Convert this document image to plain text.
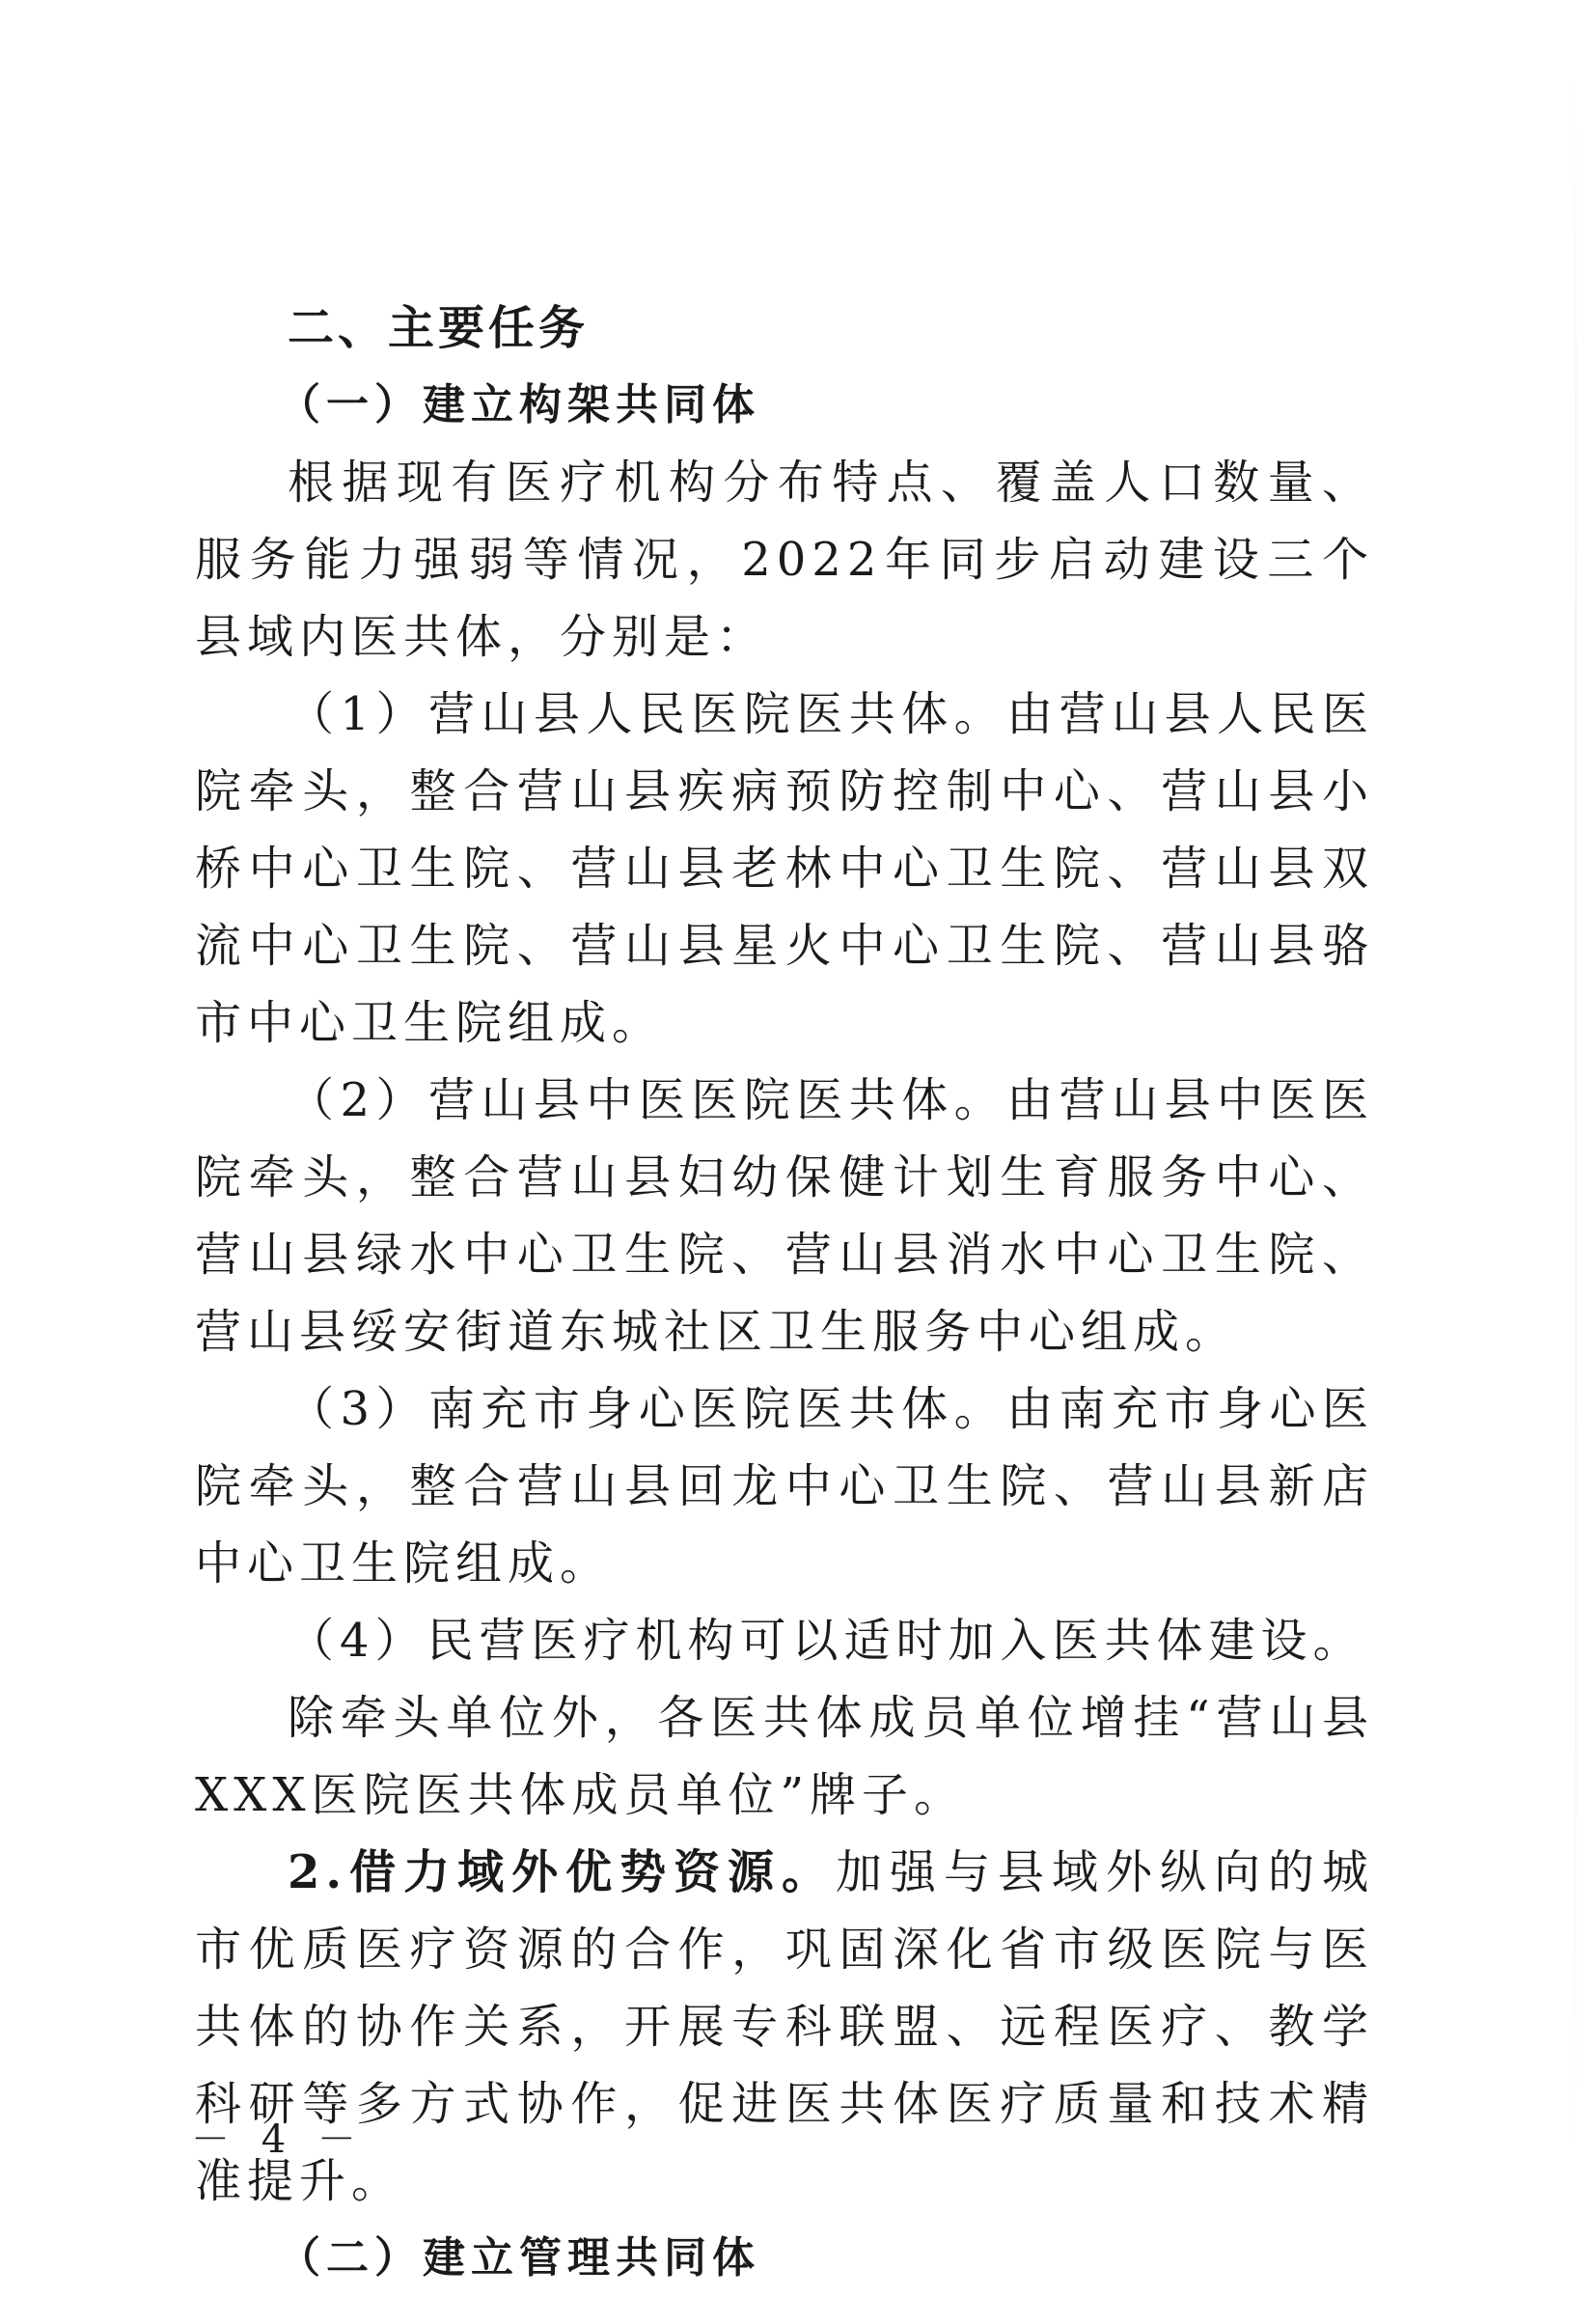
二、主要任务

（一）建立构架共同体

根据现有医疗机构分布特点、覆盖人口数量、服务能力强弱等情况，2022年同步启动建设三个县域内医共体，分别是：

（1）营山县人民医院医共体。由营山县人民医院牵头，整合营山县疾病预防控制中心、营山县小桥中心卫生院、营山县老林中心卫生院、营山县双流中心卫生院、营山县星火中心卫生院、营山县骆市中心卫生院组成。

（2）营山县中医医院医共体。由营山县中医医院牵头，整合营山县妇幼保健计划生育服务中心、营山县绿水中心卫生院、营山县消水中心卫生院、营山县绥安街道东城社区卫生服务中心组成。

（3）南充市身心医院医共体。由南充市身心医院牵头，整合营山县回龙中心卫生院、营山县新店中心卫生院组成。

（4）民营医疗机构可以适时加入医共体建设。

除牵头单位外，各医共体成员单位增挂“营山县XXX医院医共体成员单位”牌子。

2.借力域外优势资源。加强与县域外纵向的城市优质医疗资源的合作，巩固深化省市级医院与医共体的协作关系，开展专科联盟、远程医疗、教学科研等多方式协作，促进医共体医疗质量和技术精准提升。

（二）建立管理共同体

－ 4 －
